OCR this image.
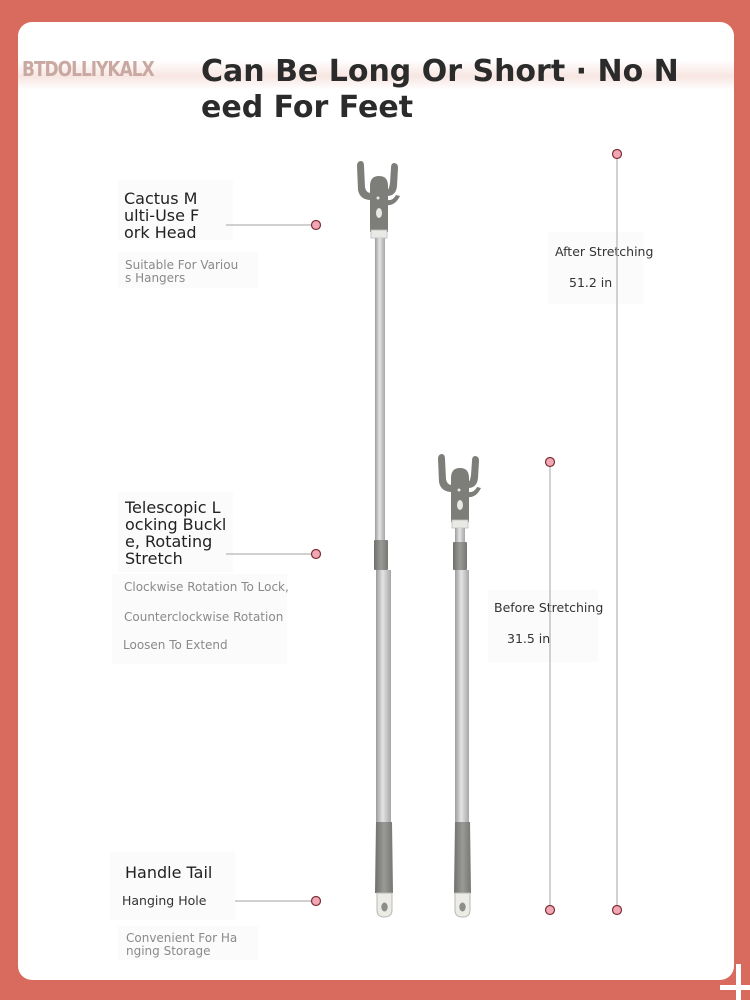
BTDOLLIYKALX	Can Be Long Or Short · No Need For Feet
Cactus Multi-Use Fork Head
Suitable For Various Hangers
Telescopic Locking Buckle, Rotating Stretch
Clockwise Rotation To Lock,
Counterclockwise Rotation
Loosen To Extend
Handle Tail
Hanging Hole
Convenient For Hanging Storage
After Stretching
51.2 in
Before Stretching
31.5 in
